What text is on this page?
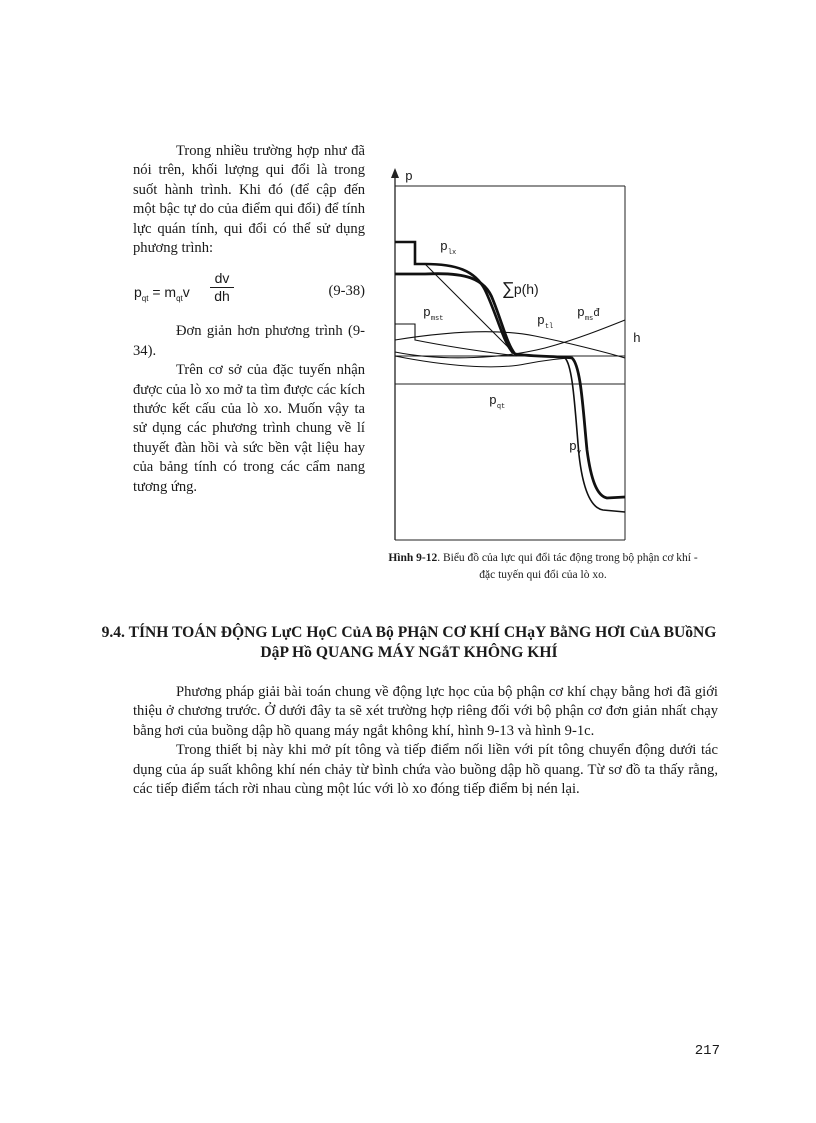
Trong nhiều trường hợp như đã nói trên, khối lượng qui đổi là trong suốt hành trình. Khi đó (để cập đến một bậc tự do của điểm qui đổi) để tính lực quán tính, qui đổi có thể sử dụng phương trình:

$p_{qt} = m_{qt}v \frac{dv}{dh}$	(9-38)

Đơn giản hơn phương trình (9-34).

Trên cơ sở của đặc tuyến nhận được của lò xo mở ta tìm được các kích thước kết cấu của lò xo. Muốn vậy ta sử dụng các phương trình chung về lí thuyết đàn hồi và sức bền vật liệu hay của bảng tính có trong các cẩm nang tương ứng.

p
h
$p_{lx}$
∑p(h)
$p_{mst}$	$p_{tl}$
$p_{ms}^đ$
$p_{qt}$
$p_v$
Hình 9-12. Biểu đồ của lực qui đổi tác động trong bộ phận cơ khí - đặc tuyến qui đổi của lò xo.
9.4. TÍNH TOÁN ĐỘNG LựC HọC CủA Bộ PHậN CƠ KHÍ CHạY BằNG HƠI CủA BUồNG DậP Hồ QUANG MÁY NGắT KHÔNG KHÍ

Phương pháp giải bài toán chung về động lực học của bộ phận cơ khí chạy bằng hơi đã giới thiệu ở chương trước. Ở dưới đây ta sẽ xét trường hợp riêng đối với bộ phận cơ đơn giản nhất chạy bằng hơi của buồng dập hồ quang máy ngắt không khí, hình 9-13 và hình 9-1c.

Trong thiết bị này khi mở pít tông và tiếp điểm nối liền với pít tông chuyển động dưới tác dụng của áp suất không khí nén chảy từ bình chứa vào buồng dập hồ quang. Từ sơ đồ ta thấy rằng, các tiếp điểm tách rời nhau cùng một lúc với lò xo đóng tiếp điểm bị nén lại.

217
